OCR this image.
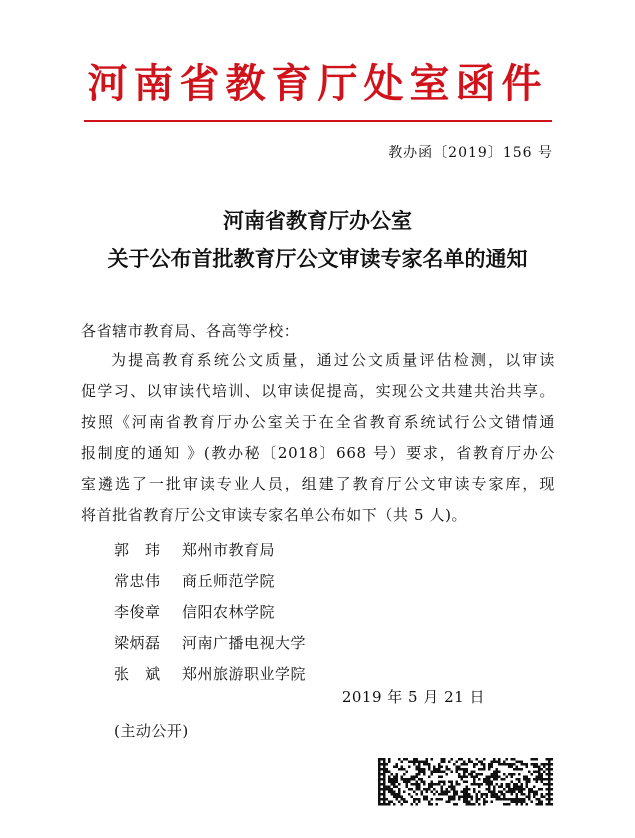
河南省教育厅处室函件
教办函〔2019〕156 号
河南省教育厅办公室
关于公布首批教育厅公文审读专家名单的通知
各省辖市教育局、各高等学校：
为提高教育系统公文质量，通过公文质量评估检测，以审读
促学习、以审读代培训、以审读促提高，实现公文共建共治共享。
按照《河南省教育厅办公室关于在全省教育系统试行公文错情通
报制度的通知 》(教办秘〔2018〕668 号）要求，省教育厅办公
室遴选了一批审读专业人员，组建了教育厅公文审读专家库，现
将首批省教育厅公文审读专家名单公布如下（共 5 人)。
郭　玮 郑州市教育局
常忠伟 商丘师范学院
李俊章 信阳农林学院
梁炳磊 河南广播电视大学
张　斌 郑州旅游职业学院
2019 年 5 月 21 日
(主动公开)
